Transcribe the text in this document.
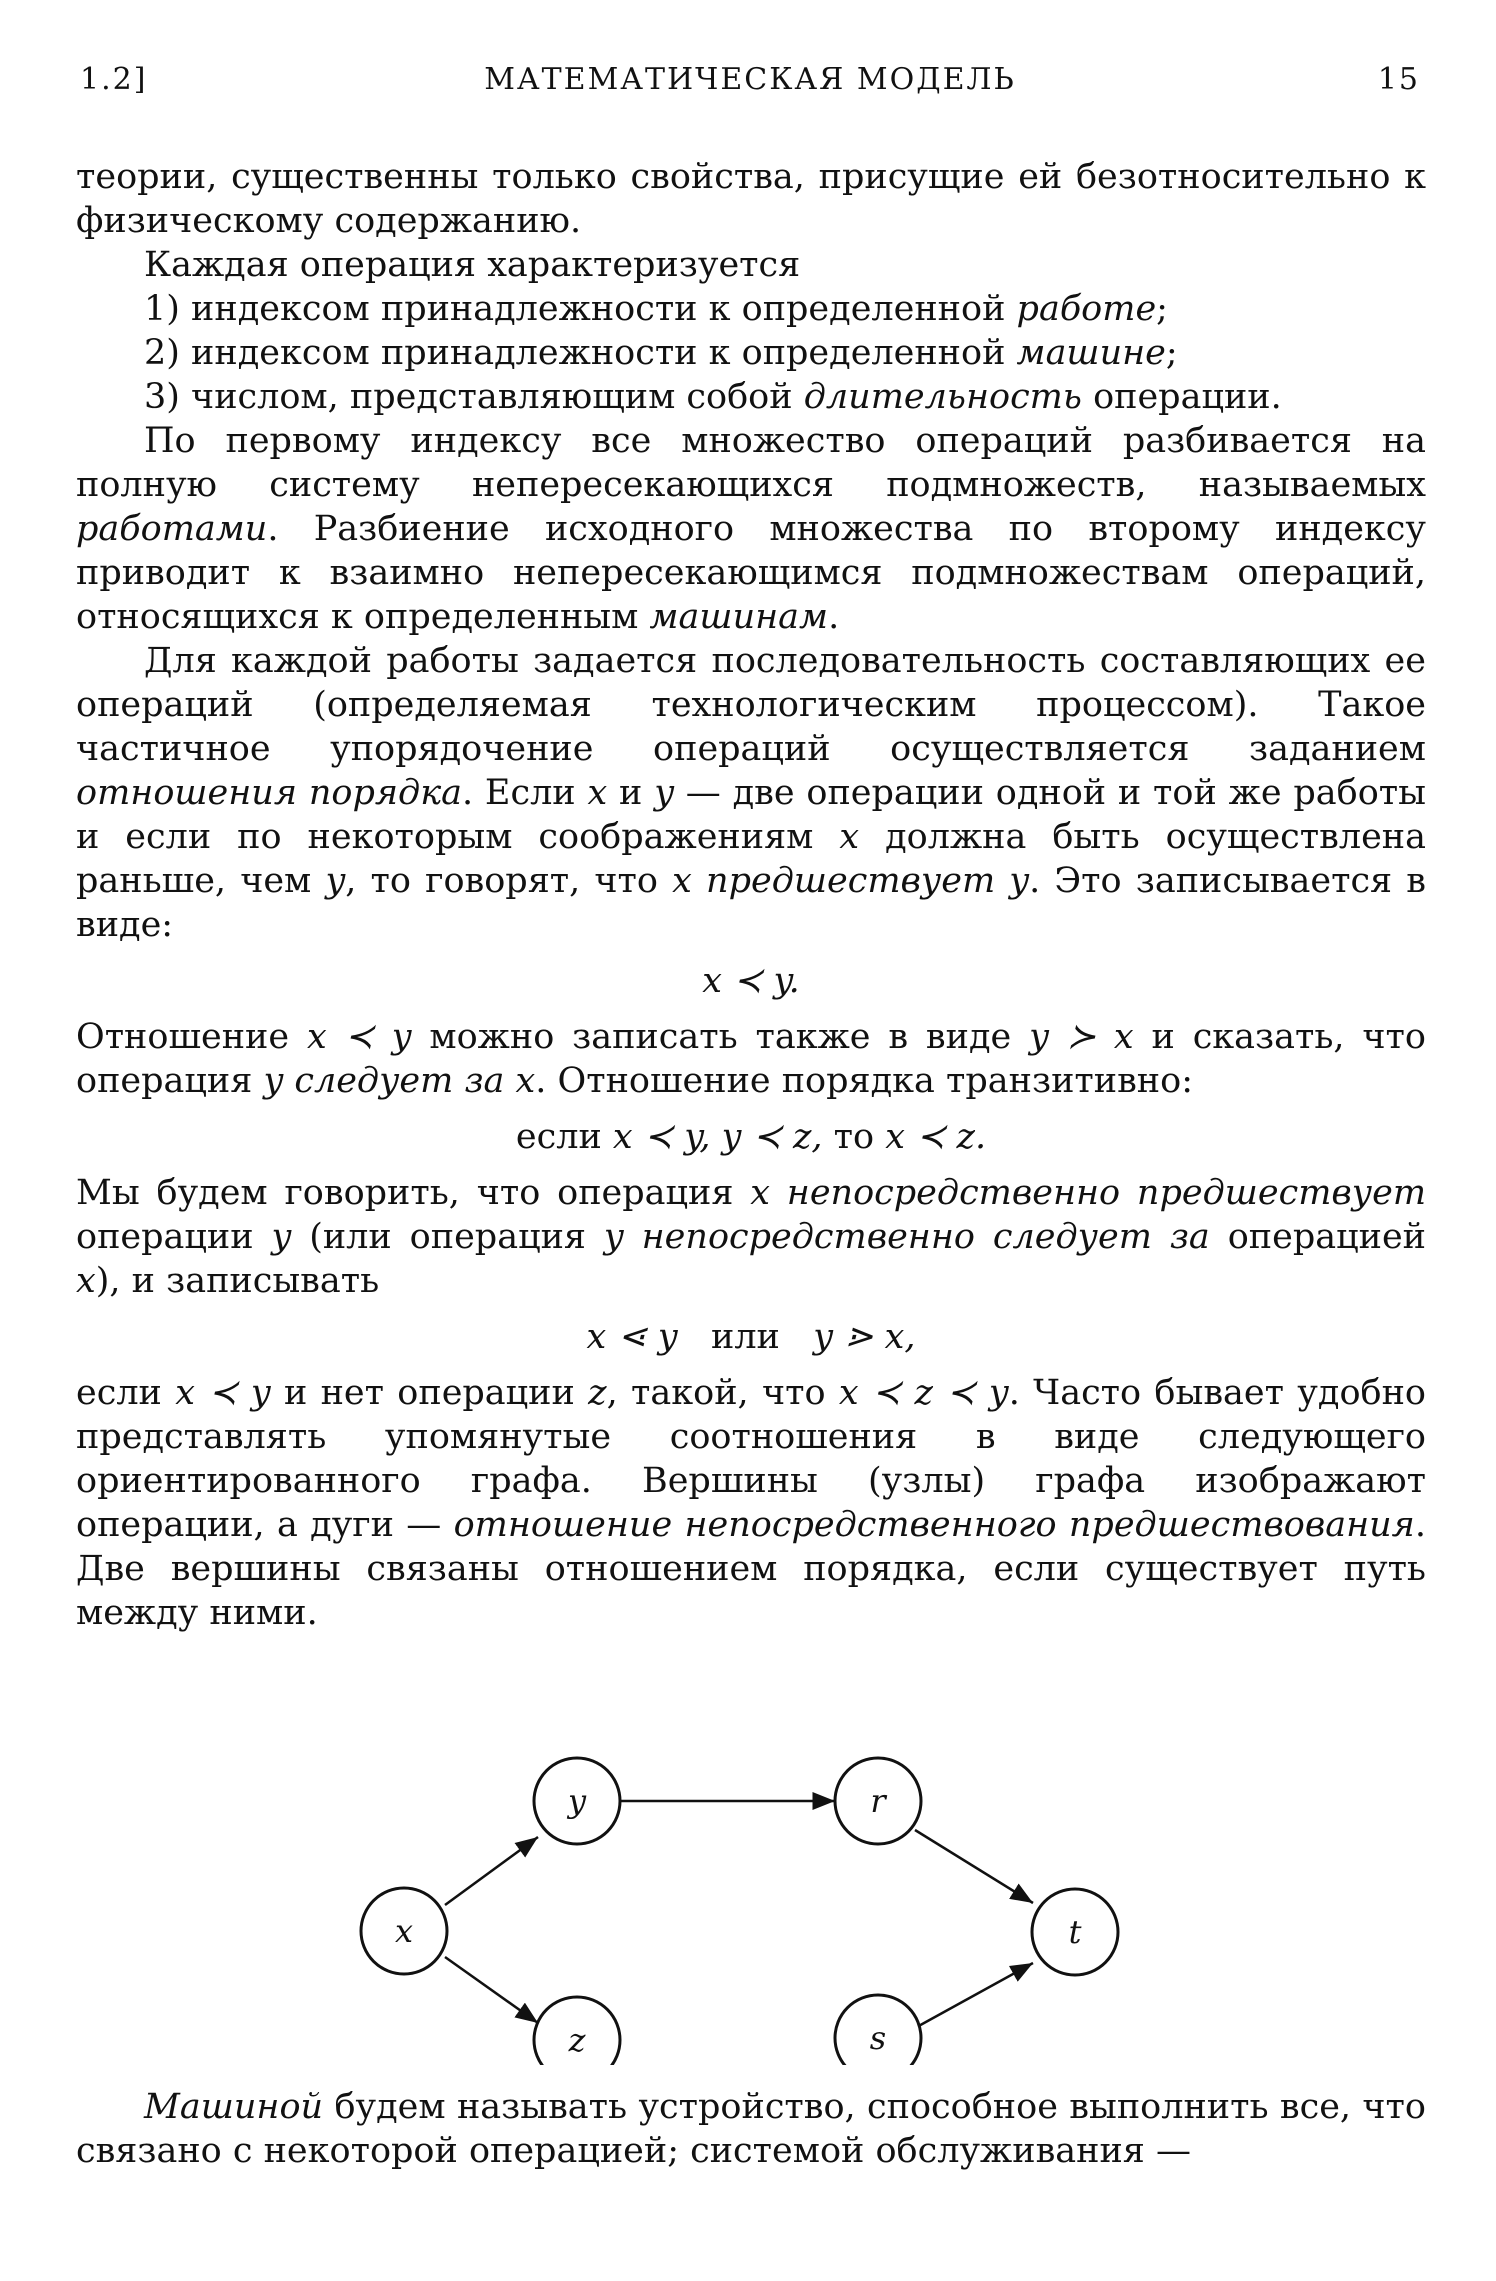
1.2]	МАТЕМАТИЧЕСКАЯ МОДЕЛЬ	15

теории, существенны только свойства, присущие ей безотносительно к физическому содержанию.

Каждая операция характеризуется

1) индексом принадлежности к определенной работе;

2) индексом принадлежности к определенной машине;

3) числом, представляющим собой длительность операции.

По первому индексу все множество операций разбивается на полную систему непересекающихся подмножеств, называемых работами. Разбиение исходного множества по второму индексу приводит к взаимно непересекающимся подмножествам операций, относящихся к определенным машинам.

Для каждой работы задается последовательность составляющих ее операций (определяемая технологическим процессом). Такое частичное упорядочение операций осуществляется заданием отношения порядка. Если x и y — две операции одной и той же работы и если по некоторым соображениям x должна быть осуществлена раньше, чем y, то говорят, что x предшествует y. Это записывается в виде:

x ≺ y.

Отношение x ≺ y можно записать также в виде y ≻ x и сказать, что операция y следует за x. Отношение порядка транзитивно:

если x ≺ y, y ≺ z, то x ≺ z.

Мы будем говорить, что операция x непосредственно предшествует операции y (или операция y непосредственно следует за операцией x), и записывать

x ⋖ y   или   y ⋗ x,

если x ≺ y и нет операции z, такой, что x ≺ z ≺ y. Часто бывает удобно представлять упомянутые соотношения в виде следующего ориентированного графа. Вершины (узлы) графа изображают операции, а дуги — отношение непосредственного предшествования. Две вершины связаны отношением порядка, если существует путь между ними.

x
y
z
r
s
t

Машиной будем называть устройство, способное выполнить все, что связано с некоторой операцией; системой обслуживания —
